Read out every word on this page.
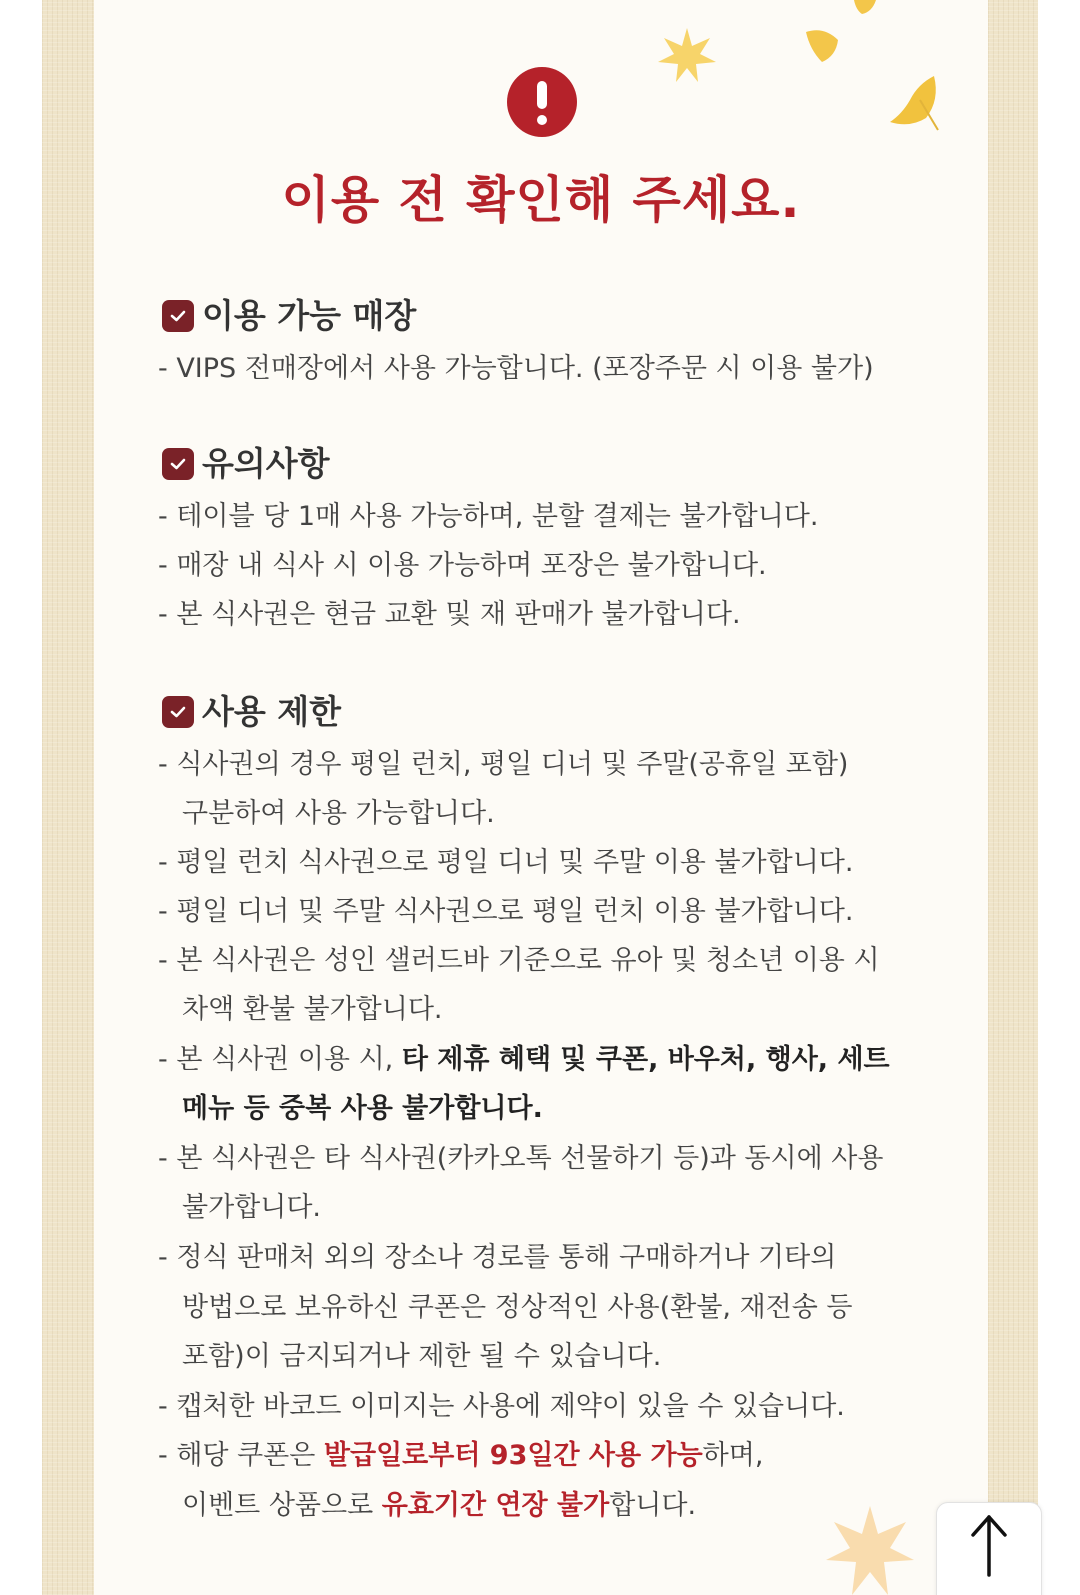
이용 전 확인해 주세요.
이용 가능 매장
- VIPS 전매장에서 사용 가능합니다. (포장주문 시 이용 불가)
유의사항
- 테이블 당 1매 사용 가능하며, 분할 결제는 불가합니다.
- 매장 내 식사 시 이용 가능하며 포장은 불가합니다.
- 본 식사권은 현금 교환 및 재 판매가 불가합니다.
사용 제한
- 식사권의 경우 평일 런치, 평일 디너 및 주말(공휴일 포함)
구분하여 사용 가능합니다.
- 평일 런치 식사권으로 평일 디너 및 주말 이용 불가합니다.
- 평일 디너 및 주말 식사권으로 평일 런치 이용 불가합니다.
- 본 식사권은 성인 샐러드바 기준으로 유아 및 청소년 이용 시
차액 환불 불가합니다.
- 본 식사권 이용 시, 타 제휴 혜택 및 쿠폰, 바우처, 행사, 세트
메뉴 등 중복 사용 불가합니다.
- 본 식사권은 타 식사권(카카오톡 선물하기 등)과 동시에 사용
불가합니다.
- 정식 판매처 외의 장소나 경로를 통해 구매하거나 기타의
방법으로 보유하신 쿠폰은 정상적인 사용(환불, 재전송 등
포함)이 금지되거나 제한 될 수 있습니다.
- 캡처한 바코드 이미지는 사용에 제약이 있을 수 있습니다.
- 해당 쿠폰은 발급일로부터 93일간 사용 가능하며,
이벤트 상품으로 유효기간 연장 불가합니다.
